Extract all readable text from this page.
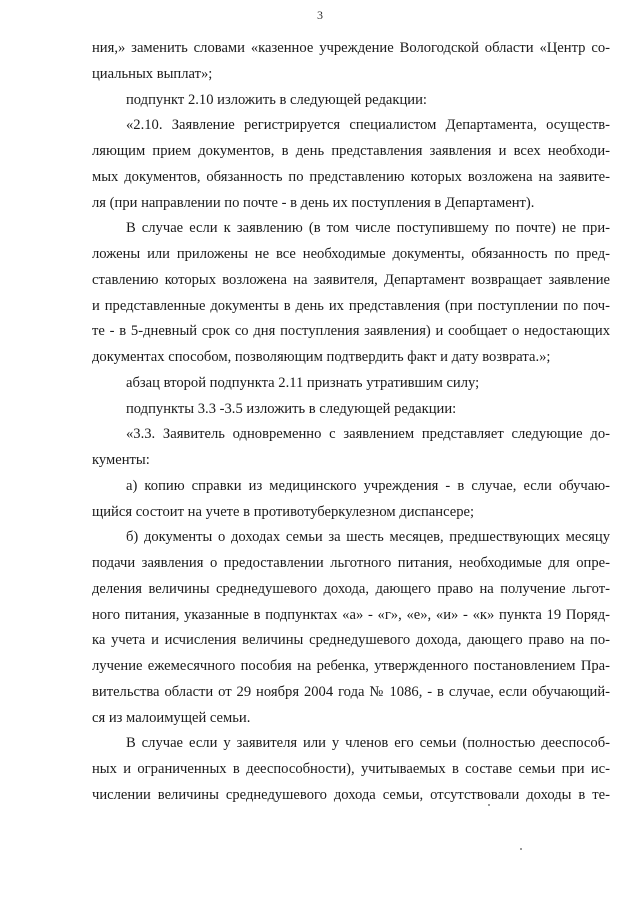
3
ния,» заменить словами «казенное учреждение Вологодской области «Центр со-
циальных выплат»;
подпункт 2.10 изложить в следующей редакции:
«2.10. Заявление регистрируется специалистом Департамента, осуществ-
ляющим прием документов, в день представления заявления и всех необходи-
мых документов, обязанность по представлению которых возложена на заявите-
ля (при направлении по почте - в день их поступления в Департамент).
В случае если к заявлению (в том числе поступившему по почте) не при-
ложены или приложены не все необходимые документы, обязанность по пред-
ставлению которых возложена на заявителя, Департамент возвращает заявление
и представленные документы в день их представления (при поступлении по поч-
те - в 5-дневный срок со дня поступления заявления) и сообщает о недостающих
документах способом, позволяющим подтвердить факт и дату возврата.»;
абзац второй подпункта 2.11 признать утратившим силу;
подпункты 3.3 -3.5 изложить в следующей редакции:
«3.3. Заявитель одновременно с заявлением представляет следующие до-
кументы:
а) копию справки из медицинского учреждения - в случае, если обучаю-
щийся состоит на учете в противотуберкулезном диспансере;
б) документы о доходах семьи за шесть месяцев, предшествующих месяцу
подачи заявления о предоставлении льготного питания, необходимые для опре-
деления величины среднедушевого дохода, дающего право на получение льгот-
ного питания, указанные в подпунктах «а» - «г», «е», «и» - «к» пункта 19 Поряд-
ка учета и исчисления величины среднедушевого дохода, дающего право на по-
лучение ежемесячного пособия на ребенка, утвержденного постановлением Пра-
вительства области от 29 ноября 2004 года № 1086, - в случае, если обучающий-
ся из малоимущей семьи.
В случае если у заявителя или у членов его семьи (полностью дееспособ-
ных и ограниченных в дееспособности), учитываемых в составе семьи при ис-
числении величины среднедушевого дохода семьи, отсутствовали доходы в те-
